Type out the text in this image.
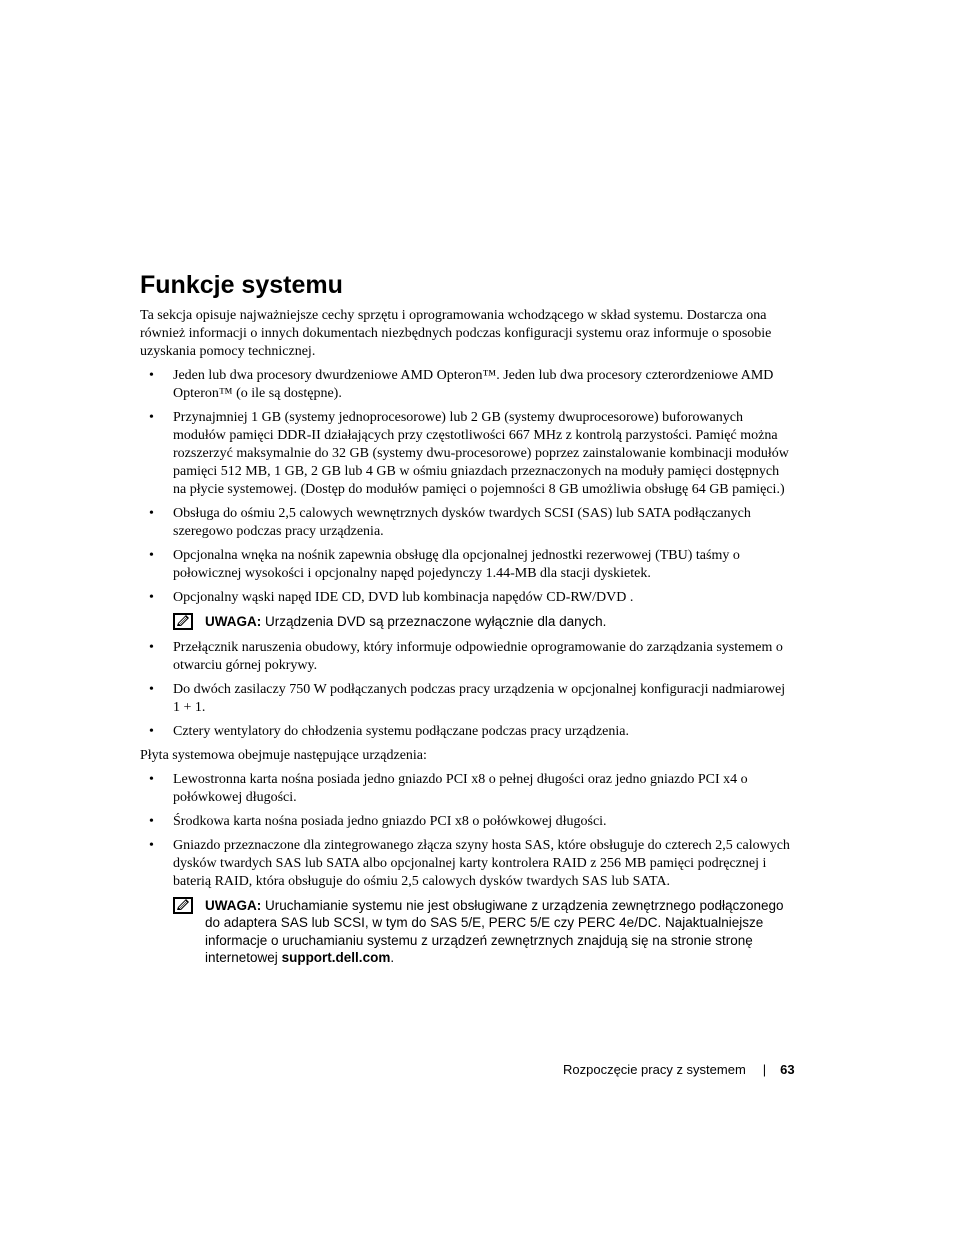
Funkcje systemu

Ta sekcja opisuje najważniejsze cechy sprzętu i oprogramowania wchodzącego w skład systemu. Dostarcza ona również informacji o innych dokumentach niezbędnych podczas konfiguracji systemu oraz informuje o sposobie uzyskania pomocy technicznej.

• Jeden lub dwa procesory dwurdzeniowe AMD Opteron™. Jeden lub dwa procesory czterordzeniowe AMD Opteron™ (o ile są dostępne).
• Przynajmniej 1 GB (systemy jednoprocesorowe) lub 2 GB (systemy dwuprocesorowe) buforowanych modułów pamięci DDR-II działających przy częstotliwości 667 MHz z kontrolą parzystości. Pamięć można rozszerzyć maksymalnie do 32 GB (systemy dwu-procesorowe) poprzez zainstalowanie kombinacji modułów pamięci 512 MB, 1 GB, 2 GB lub 4 GB w ośmiu gniazdach przeznaczonych na moduły pamięci dostępnych na płycie systemowej. (Dostęp do modułów pamięci o pojemności 8 GB umożliwia obsługę 64 GB pamięci.)
• Obsługa do ośmiu 2,5 calowych wewnętrznych dysków twardych SCSI (SAS) lub SATA podłączanych szeregowo podczas pracy urządzenia.
• Opcjonalna wnęka na nośnik zapewnia obsługę dla opcjonalnej jednostki rezerwowej (TBU) taśmy o połowicznej wysokości i opcjonalny napęd pojedynczy 1.44-MB dla stacji dyskietek.
• Opcjonalny wąski napęd IDE CD, DVD lub kombinacja napędów CD-RW/DVD .
UWAGA: Urządzenia DVD są przeznaczone wyłącznie dla danych.
• Przełącznik naruszenia obudowy, który informuje odpowiednie oprogramowanie do zarządzania systemem o otwarciu górnej pokrywy.
• Do dwóch zasilaczy 750 W podłączanych podczas pracy urządzenia w opcjonalnej konfiguracji nadmiarowej 1 + 1.
• Cztery wentylatory do chłodzenia systemu podłączane podczas pracy urządzenia.

Płyta systemowa obejmuje następujące urządzenia:

• Lewostronna karta nośna posiada jedno gniazdo PCI x8 o pełnej długości oraz jedno gniazdo PCI x4 o połówkowej długości.
• Środkowa karta nośna posiada jedno gniazdo PCI x8 o połówkowej długości.
• Gniazdo przeznaczone dla zintegrowanego złącza szyny hosta SAS, które obsługuje do czterech 2,5 calowych dysków twardych SAS lub SATA albo opcjonalnej karty kontrolera RAID z 256 MB pamięci podręcznej i baterią RAID, która obsługuje do ośmiu 2,5 calowych dysków twardych SAS lub SATA.
UWAGA: Uruchamianie systemu nie jest obsługiwane z urządzenia zewnętrznego podłączonego do adaptera SAS lub SCSI, w tym do SAS 5/E, PERC 5/E czy PERC 4e/DC. Najaktualniejsze informacje o uruchamianiu systemu z urządzeń zewnętrznych znajdują się na stronie stronę internetowej support.dell.com.
Rozpoczęcie pracy z systemem | 63
